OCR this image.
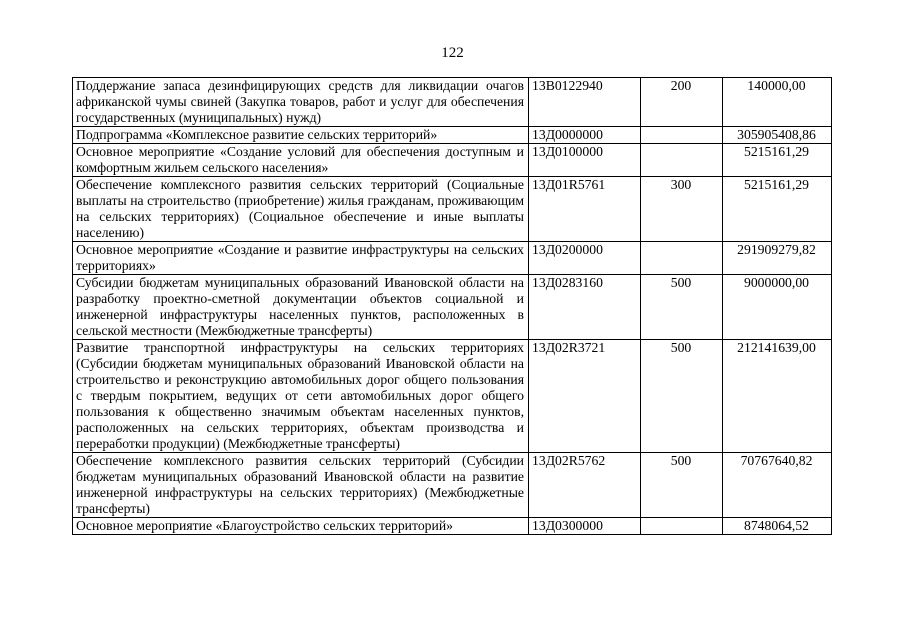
122
Поддержание запаса дезинфицирующих средств для ликвидации очагов африканской чумы свиней (Закупка товаров, работ и услуг для обеспечения государственных (муниципальных) нужд)	13В0122940	200	140000,00
Подпрограмма «Комплексное развитие сельских территорий»	13Д0000000		305905408,86
Основное мероприятие «Создание условий для обеспечения доступным и комфортным жильем сельского населения»	13Д0100000		5215161,29
Обеспечение комплексного развития сельских территорий (Социальные выплаты на строительство (приобретение) жилья гражданам, проживающим на сельских территориях) (Социальное обеспечение и иные выплаты населению)	13Д01R5761	300	5215161,29
Основное мероприятие «Создание и развитие инфраструктуры на сельских территориях»	13Д0200000		291909279,82
Субсидии бюджетам муниципальных образований Ивановской области на разработку проектно-сметной документации объектов социальной и инженерной инфраструктуры населенных пунктов, расположенных в сельской местности (Межбюджетные трансферты)	13Д0283160	500	9000000,00
Развитие транспортной инфраструктуры на сельских территориях (Субсидии бюджетам муниципальных образований Ивановской области на строительство и реконструкцию автомобильных дорог общего пользования с твердым покрытием, ведущих от сети автомобильных дорог общего пользования к общественно значимым объектам населенных пунктов, расположенных на сельских территориях, объектам производства и переработки продукции) (Межбюджетные трансферты)	13Д02R3721	500	212141639,00
Обеспечение комплексного развития сельских территорий (Субсидии бюджетам муниципальных образований Ивановской области на развитие инженерной инфраструктуры на сельских территориях) (Межбюджетные трансферты)	13Д02R5762	500	70767640,82
Основное мероприятие «Благоустройство сельских территорий»	13Д0300000		8748064,52
